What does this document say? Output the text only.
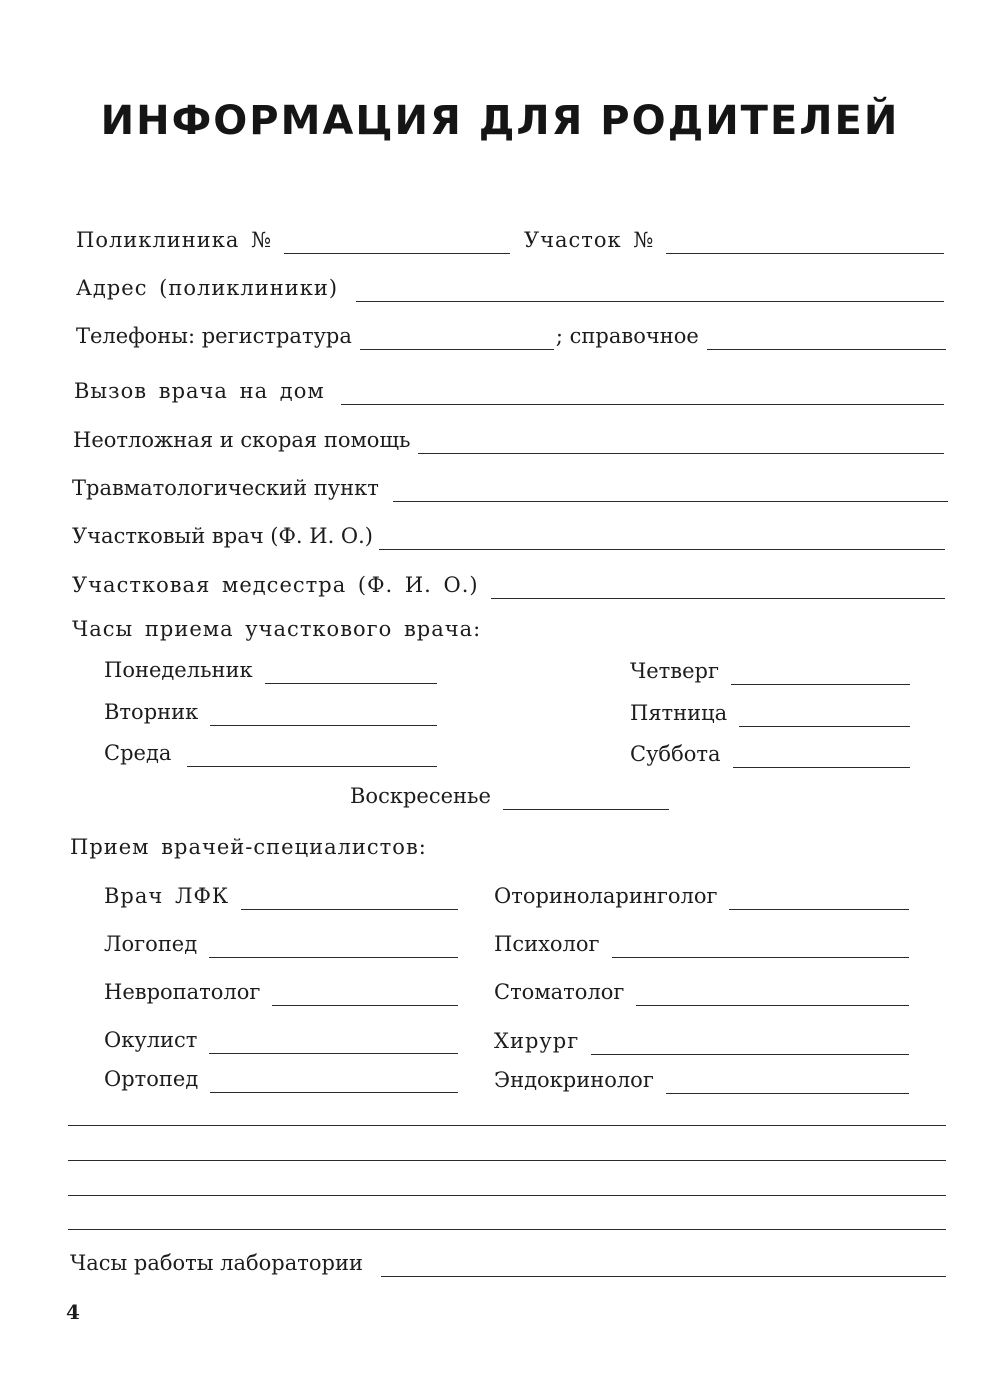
ИНФОРМАЦИЯ ДЛЯ РОДИТЕЛЕЙ
Поликлиника №	Участок №
Адрес (поликлиники)
Телефоны: регистратура	; справочное
Вызов врача на дом
Неотложная и скорая помощь
Травматологический пункт
Участковый врач (Ф. И. О.)
Участковая медсестра (Ф. И. О.)
Часы приема участкового врача:
Понедельник
Вторник
Среда
Четверг
Пятница
Суббота
Воскресенье
Прием врачей-специалистов:
Врач ЛФК
Логопед
Невропатолог
Окулист
Ортопед
Оториноларинголог
Психолог
Стоматолог
Хирург
Эндокринолог
Часы работы лаборатории
4
